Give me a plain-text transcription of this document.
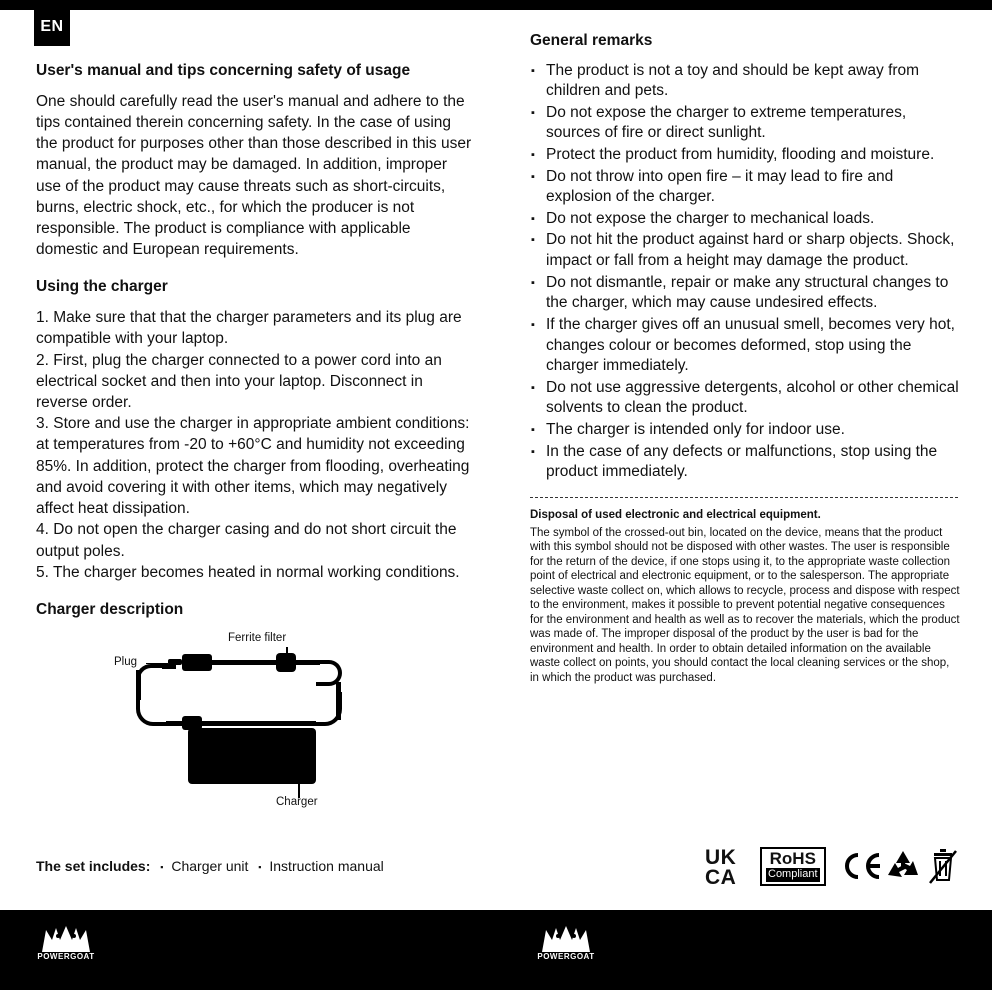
EN
User's manual and tips concerning safety of usage

One should carefully read the user's manual and adhere to the tips contained therein concerning safety. In the case of using the product for purposes other than those described in this user manual, the product may be damaged. In addition, improper use of the product may cause threats such as short-circuits, burns, electric shock, etc., for which the producer is not responsible. The product is compliance with applicable domestic and European requirements.

Using the charger
1. Make sure that that the charger parameters and its plug are compatible with your laptop.
2. First, plug the charger connected to a power cord into an electrical socket and then into your laptop. Disconnect in reverse order.
3. Store and use the charger in appropriate ambient conditions: at temperatures from -20 to +60°C and humidity not exceeding 85%. In addition, protect the charger from flooding, overheating and avoid covering it with other items, which may negatively affect heat dissipation.
4. Do not open the charger casing and do not short circuit the output poles.
5. The charger becomes heated in normal working conditions.
Charger description
Ferrite filter
Plug
Charger
The set includes: ▪ Charger unit ▪ Instruction manual
General remarks
▪ The product is not a toy and should be kept away from children and pets.
▪ Do not expose the charger to extreme temperatures, sources of fire or direct sunlight.
▪ Protect the product from humidity, flooding and moisture.
▪ Do not throw into open fire – it may lead to fire and explosion of the charger.
▪ Do not expose the charger to mechanical loads.
▪ Do not hit the product against hard or sharp objects. Shock, impact or fall from a height may damage the product.
▪ Do not dismantle, repair or make any structural changes to the charger, which may cause undesired effects.
▪ If the charger gives off an unusual smell, becomes very hot, changes colour or becomes deformed, stop using the charger immediately.
▪ Do not use aggressive detergents, alcohol or other chemical solvents to clean the product.
▪ The charger is intended only for indoor use.
▪ In the case of any defects or malfunctions, stop using the product immediately.

Disposal of used electronic and electrical equipment.

The symbol of the crossed-out bin, located on the device, means that the product with this symbol should not be disposed with other wastes. The user is responsible for the return of the device, if one stops using it, to the appropriate waste collection point of electrical and electronic equipment, or to the salesperson. The appropriate selective waste collect on, which allows to recycle, process and dispose with respect to the environment, makes it possible to prevent potential negative consequences for the environment and health as well as to recover the materials, which the product was made of. The improper disposal of the product by the user is bad for the environment and health. In order to obtain detailed information on the available waste collect on points, you should contact the local cleaning services or the shop, in which the product was purchased.

UK
CA
RoHS
Compliant
POWERGOAT	POWERGOAT
